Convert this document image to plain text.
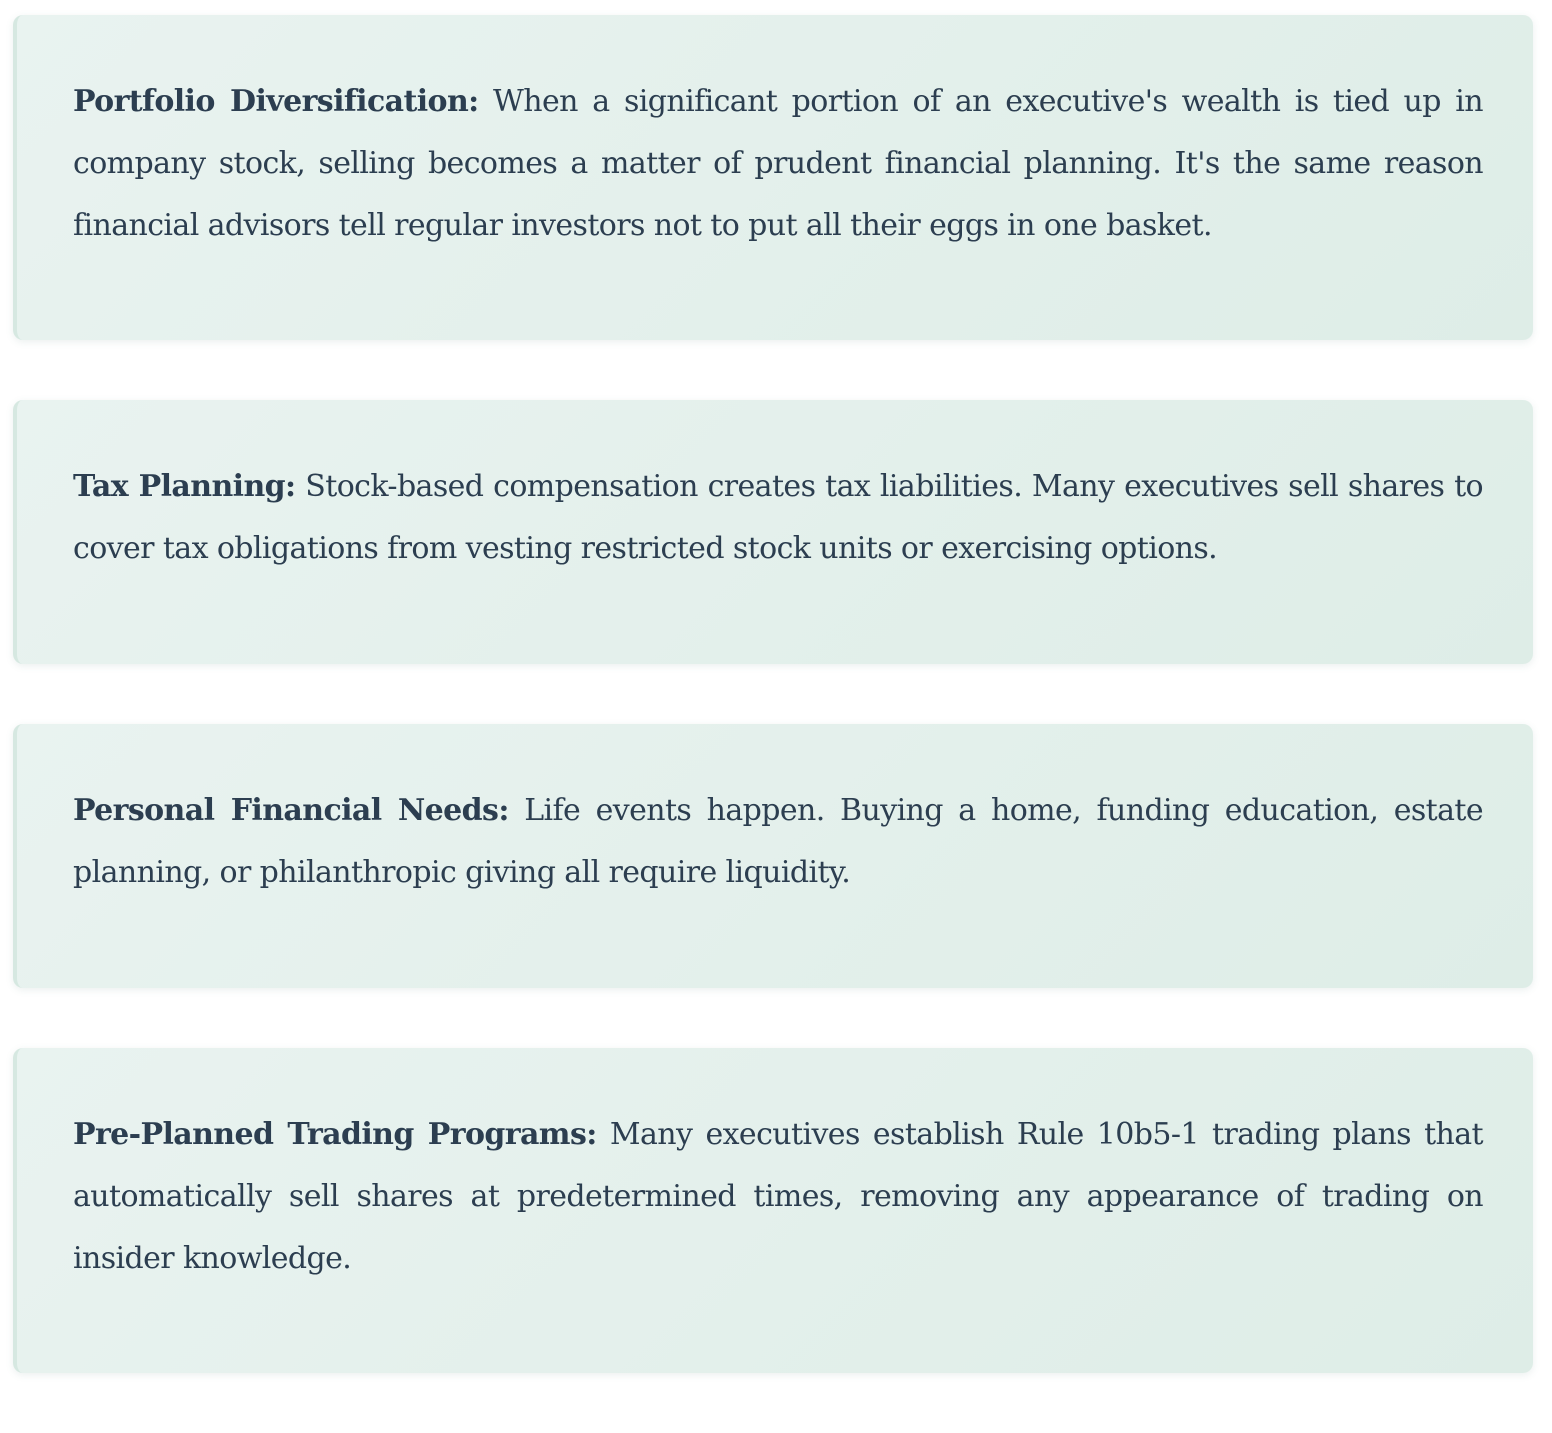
Portfolio Diversification: When a significant portion of an executive's wealth is tied up in company stock, selling becomes a matter of prudent financial planning. It's the same reason financial advisors tell regular investors not to put all their eggs in one basket.

Tax Planning: Stock-based compensation creates tax liabilities. Many executives sell shares to cover tax obligations from vesting restricted stock units or exercising options.

Personal Financial Needs: Life events happen. Buying a home, funding education, estate planning, or philanthropic giving all require liquidity.

Pre-Planned Trading Programs: Many executives establish Rule 10b5-1 trading plans that automatically sell shares at predetermined times, removing any appearance of trading on insider knowledge.
